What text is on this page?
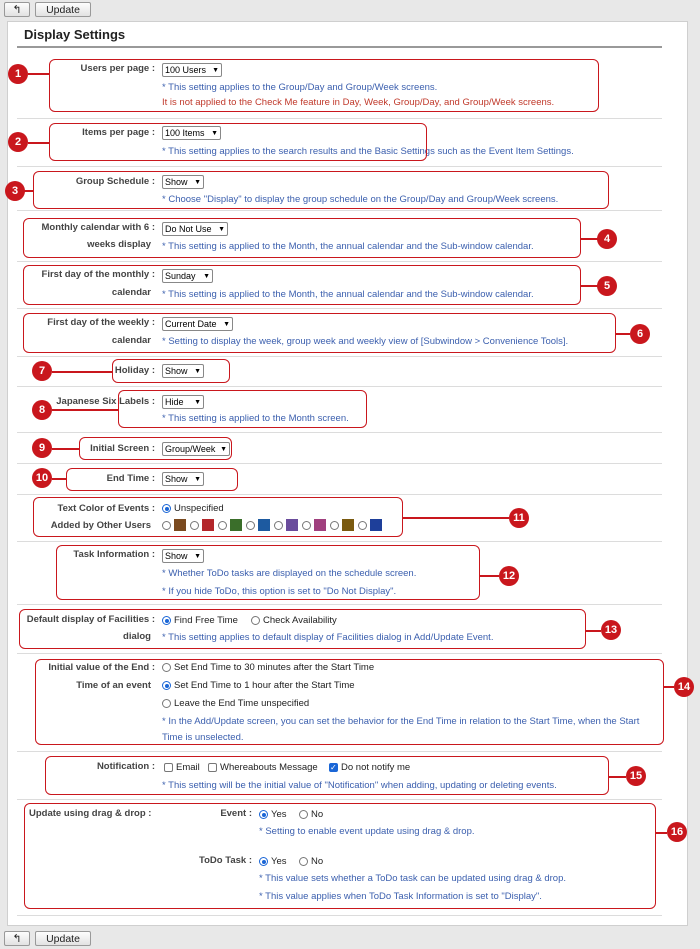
↰	Update
Display Settings
Users per page : 100 Users ▼
* This setting applies to the Group/Day and Group/Week screens.
It is not applied to the Check Me feature in Day, Week, Group/Day, and Group/Week screens.
1
Items per page : 100 Items ▼
* This setting applies to the search results and the Basic Settings such as the Event Item Settings.
2
Group Schedule : Show ▼
* Choose "Display" to display the group schedule on the Group/Day and Group/Week screens.
3
Monthly calendar with 6 :
weeks display
Do Not Use ▼
* This setting is applied to the Month, the annual calendar and the Sub-window calendar.
4
First day of the monthly :
calendar
Sunday	▼
* This setting is applied to the Month, the annual calendar and the Sub-window calendar.
5
First day of the weekly :
calendar
Current Date ▼
* Setting to display the week, group week and weekly view of [Subwindow > Convenience Tools].
6
Holiday : Show ▼
7
Japanese Six Labels : Hide	▼
* This setting is applied to the Month screen.
8
Initial Screen : Group/Week ▼
9
End Time : Show ▼
10
Text Color of Events :
Added by Other Users
Unspecified
11
Task Information : Show ▼
* Whether ToDo tasks are displayed on the schedule screen.
* If you hide ToDo, this option is set to "Do Not Display".
12
Default display of Facilities :
dialog
Find Free Time	Check Availability
* This setting applies to default display of Facilities dialog in Add/Update Event.
13
Initial value of the End :
Time of an event
Set End Time to 30 minutes after the Start Time
Set End Time to 1 hour after the Start Time
Leave the End Time unspecified
* In the Add/Update screen, you can set the behavior for the End Time in relation to the Start Time, when the Start
Time is unselected.
14
Notification : Email Whereabouts Message
✓ Do not notify me
* This setting will be the initial value of "Notification" when adding, updating or deleting events.
15
Update using drag & drop :	Event : Yes	No
* Setting to enable event update using drag & drop.
ToDo Task : Yes	No
* This value sets whether a ToDo task can be updated using drag & drop.
* This value applies when ToDo Task Information is set to "Display".
16
↰	Update
